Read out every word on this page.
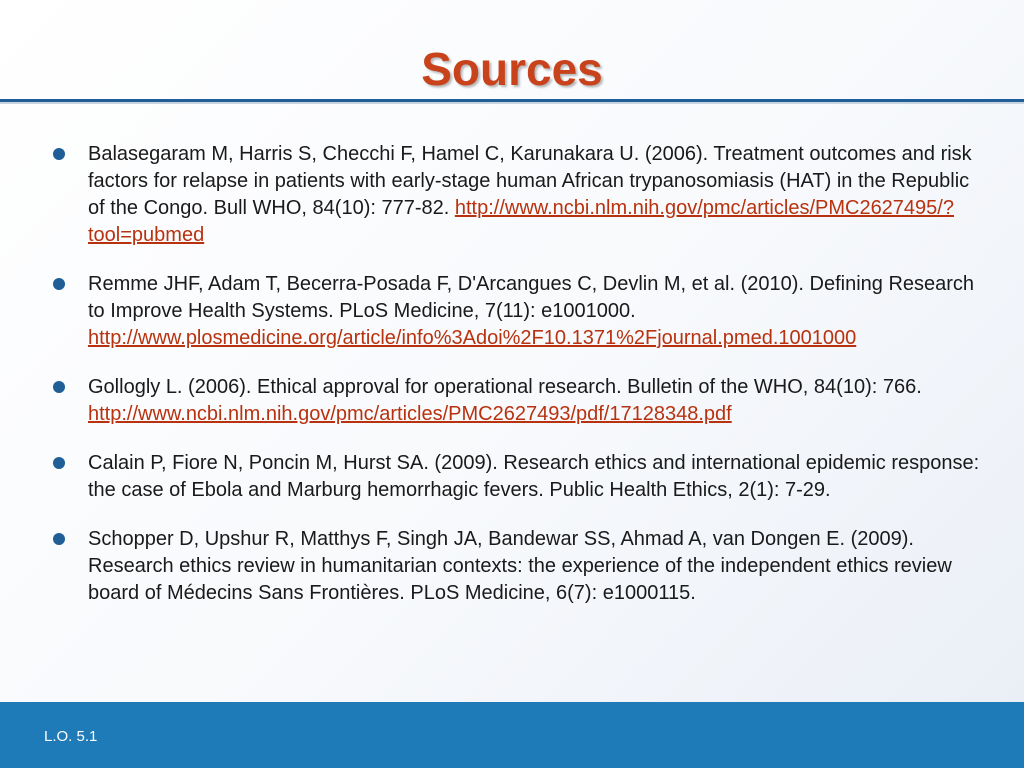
Sources
Balasegaram M, Harris S, Checchi F, Hamel C, Karunakara U. (2006). Treatment outcomes and risk factors for relapse in patients with early-stage human African trypanosomiasis (HAT) in the Republic of the Congo. Bull WHO, 84(10): 777-82. http://www.ncbi.nlm.nih.gov/pmc/articles/PMC2627495/?tool=pubmed
Remme JHF, Adam T, Becerra-Posada F, D'Arcangues C, Devlin M, et al. (2010). Defining Research to Improve Health Systems. PLoS Medicine, 7(11): e1001000. http://www.plosmedicine.org/article/info%3Adoi%2F10.1371%2Fjournal.pmed.1001000
Gollogly L. (2006). Ethical approval for operational research. Bulletin of the WHO, 84(10): 766. http://www.ncbi.nlm.nih.gov/pmc/articles/PMC2627493/pdf/17128348.pdf
Calain P, Fiore N, Poncin M, Hurst SA. (2009). Research ethics and international epidemic response: the case of Ebola and Marburg hemorrhagic fevers. Public Health Ethics, 2(1): 7-29.
Schopper D, Upshur R, Matthys F, Singh JA, Bandewar SS, Ahmad A, van Dongen E. (2009). Research ethics review in humanitarian contexts: the experience of the independent ethics review board of Médecins Sans Frontières. PLoS Medicine, 6(7): e1000115.
L.O. 5.1
